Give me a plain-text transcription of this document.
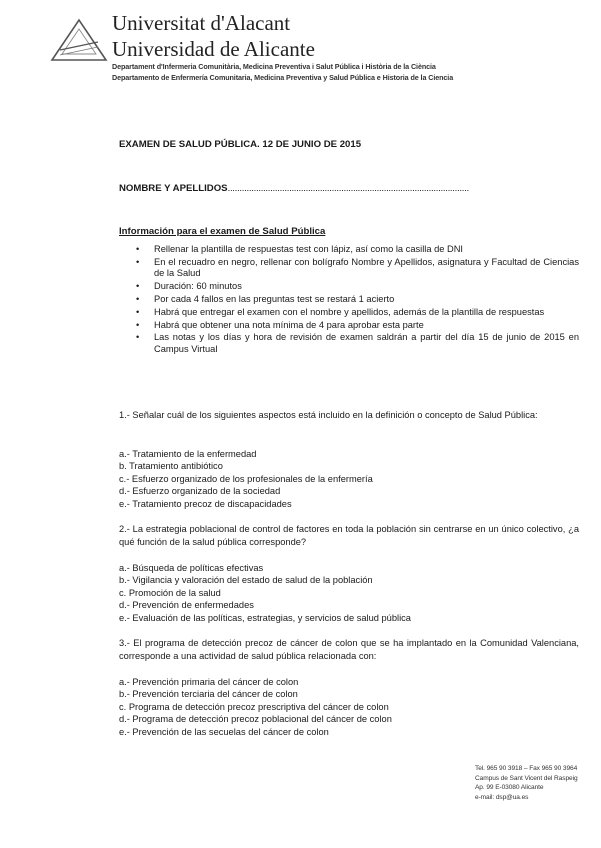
Universitat d'Alacant
Universidad de Alicante
Departament d'Infermeria Comunitària, Medicina Preventiva i Salut Pública i Història de la Ciència
Departamento de Enfermería Comunitaria, Medicina Preventiva y Salud Pública e Historia de la Ciencia
EXAMEN DE SALUD PÚBLICA. 12 DE JUNIO DE 2015
NOMBRE Y APELLIDOS......................................................................................................
Información para el examen de Salud Pública
• Rellenar la plantilla de respuestas test con lápiz, así como la casilla de DNI
• En el recuadro en negro, rellenar con bolígrafo Nombre y Apellidos, asignatura y Facultad de Ciencias de la Salud
• Duración: 60 minutos
• Por cada 4 fallos en las preguntas test se restará 1 acierto
• Habrá que entregar el examen con el nombre y apellidos, además de la plantilla de respuestas
• Habrá que obtener una nota mínima de 4 para aprobar esta parte
• Las notas y los días y hora de revisión de examen saldrán a partir del día 15 de junio de 2015 en Campus Virtual
1.- Señalar cuál de los siguientes aspectos está incluido en la definición o concepto de Salud Pública:
a.- Tratamiento de la enfermedad
b. Tratamiento antibiótico
c.- Esfuerzo organizado de los profesionales de la enfermería
d.- Esfuerzo organizado de la sociedad
e.- Tratamiento precoz de discapacidades
2.- La estrategia poblacional de control de factores en toda la población sin centrarse en un único colectivo, ¿a qué función de la salud pública corresponde?
a.- Búsqueda de políticas efectivas
b.- Vigilancia y valoración del estado de salud de la población
c. Promoción de la salud
d.- Prevención de enfermedades
e.- Evaluación de las políticas, estrategias, y servicios de salud pública
3.- El programa de detección precoz de cáncer de colon que se ha implantado en la Comunidad Valenciana, corresponde a una actividad de salud pública relacionada con:
a.- Prevención primaria del cáncer de colon
b.- Prevención terciaria del cáncer de colon
c. Programa de detección precoz prescriptiva del cáncer de colon
d.- Programa de detección precoz poblacional del cáncer de colon
e.- Prevención de las secuelas del cáncer de colon
Tel. 965 90 3918 – Fax 965 90 3964
Campus de Sant Vicent del Raspeig
Ap. 99 E-03080 Alicante
e-mail: dsp@ua.es
